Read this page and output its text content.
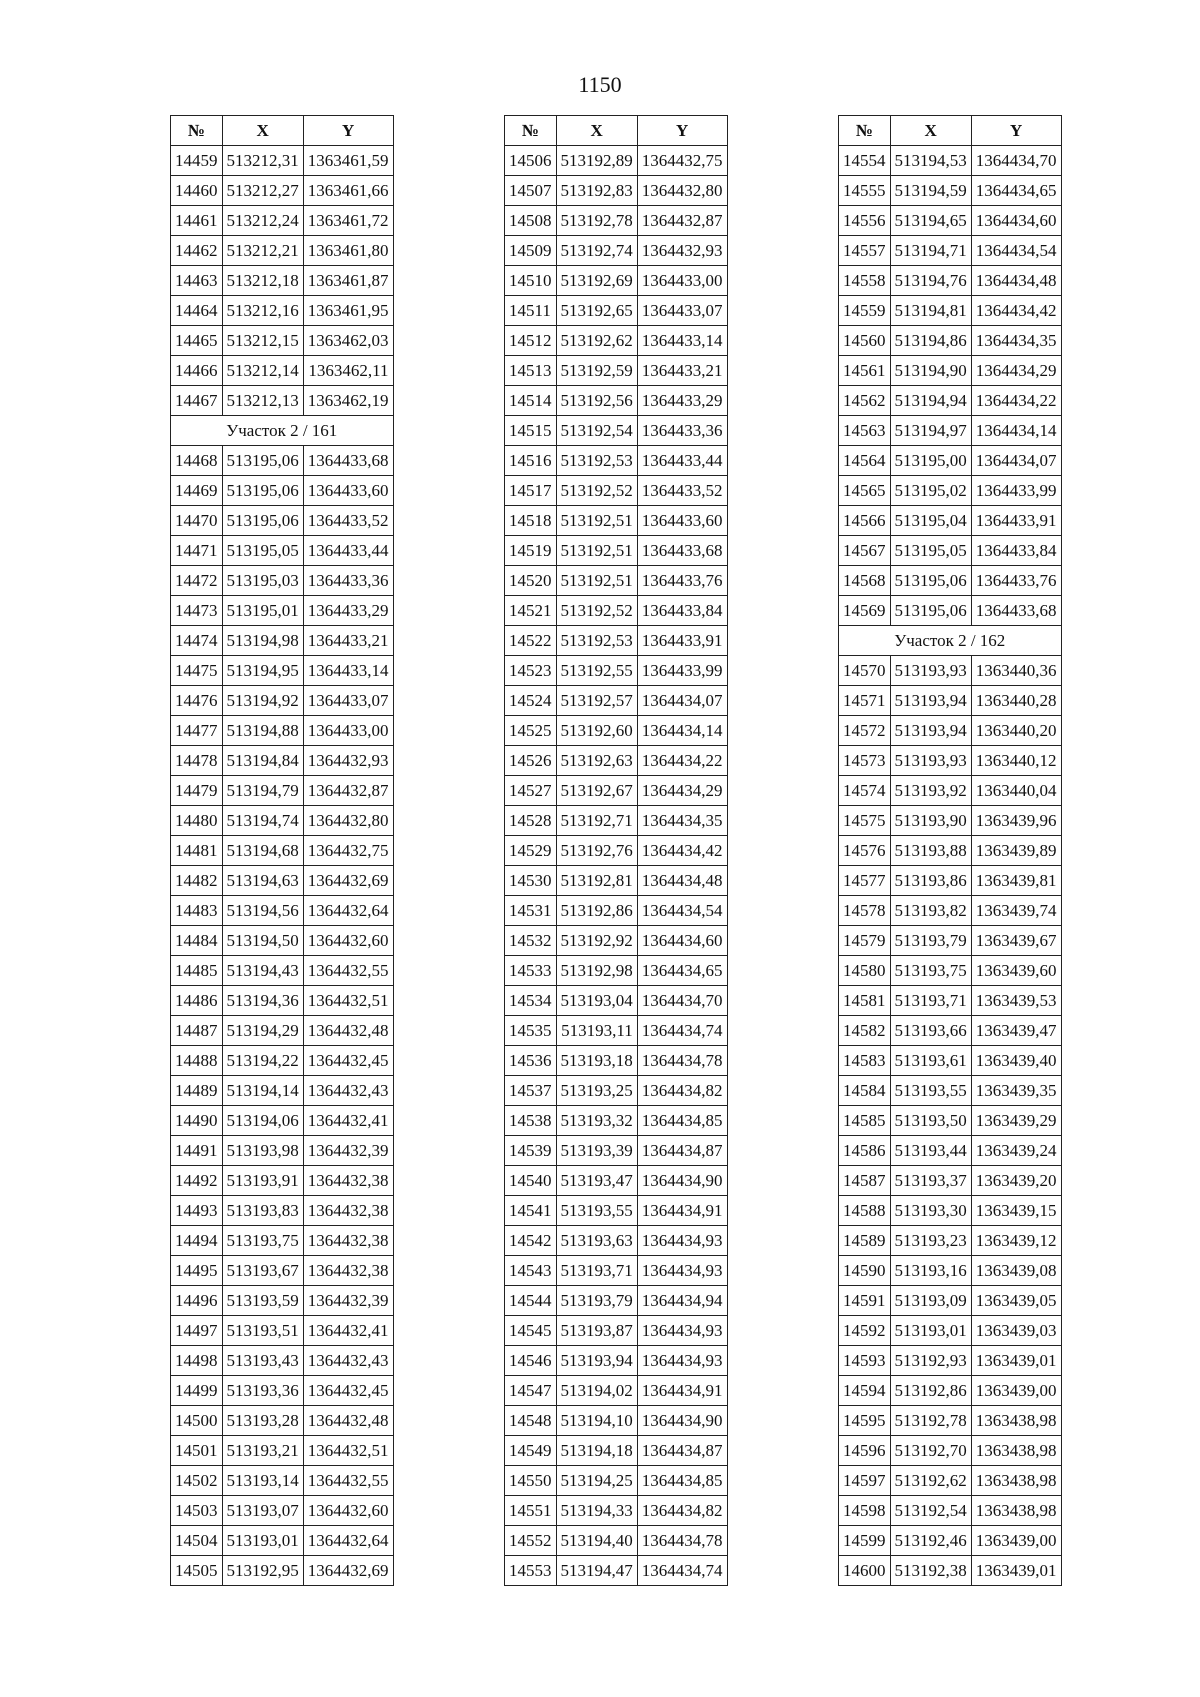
1150
№	X	Y
14459	513212,31	1363461,59
14460	513212,27	1363461,66
14461	513212,24	1363461,72
14462	513212,21	1363461,80
14463	513212,18	1363461,87
14464	513212,16	1363461,95
14465	513212,15	1363462,03
14466	513212,14	1363462,11
14467	513212,13	1363462,19
Участок 2 / 161		
14468	513195,06	1364433,68
14469	513195,06	1364433,60
14470	513195,06	1364433,52
14471	513195,05	1364433,44
14472	513195,03	1364433,36
14473	513195,01	1364433,29
14474	513194,98	1364433,21
14475	513194,95	1364433,14
14476	513194,92	1364433,07
14477	513194,88	1364433,00
14478	513194,84	1364432,93
14479	513194,79	1364432,87
14480	513194,74	1364432,80
14481	513194,68	1364432,75
14482	513194,63	1364432,69
14483	513194,56	1364432,64
14484	513194,50	1364432,60
14485	513194,43	1364432,55
14486	513194,36	1364432,51
14487	513194,29	1364432,48
14488	513194,22	1364432,45
14489	513194,14	1364432,43
14490	513194,06	1364432,41
14491	513193,98	1364432,39
14492	513193,91	1364432,38
14493	513193,83	1364432,38
14494	513193,75	1364432,38
14495	513193,67	1364432,38
14496	513193,59	1364432,39
14497	513193,51	1364432,41
14498	513193,43	1364432,43
14499	513193,36	1364432,45
14500	513193,28	1364432,48
14501	513193,21	1364432,51
14502	513193,14	1364432,55
14503	513193,07	1364432,60
14504	513193,01	1364432,64
14505	513192,95	1364432,69
№	X	Y
14506	513192,89	1364432,75
14507	513192,83	1364432,80
14508	513192,78	1364432,87
14509	513192,74	1364432,93
14510	513192,69	1364433,00
14511	513192,65	1364433,07
14512	513192,62	1364433,14
14513	513192,59	1364433,21
14514	513192,56	1364433,29
14515	513192,54	1364433,36
14516	513192,53	1364433,44
14517	513192,52	1364433,52
14518	513192,51	1364433,60
14519	513192,51	1364433,68
14520	513192,51	1364433,76
14521	513192,52	1364433,84
14522	513192,53	1364433,91
14523	513192,55	1364433,99
14524	513192,57	1364434,07
14525	513192,60	1364434,14
14526	513192,63	1364434,22
14527	513192,67	1364434,29
14528	513192,71	1364434,35
14529	513192,76	1364434,42
14530	513192,81	1364434,48
14531	513192,86	1364434,54
14532	513192,92	1364434,60
14533	513192,98	1364434,65
14534	513193,04	1364434,70
14535	513193,11	1364434,74
14536	513193,18	1364434,78
14537	513193,25	1364434,82
14538	513193,32	1364434,85
14539	513193,39	1364434,87
14540	513193,47	1364434,90
14541	513193,55	1364434,91
14542	513193,63	1364434,93
14543	513193,71	1364434,93
14544	513193,79	1364434,94
14545	513193,87	1364434,93
14546	513193,94	1364434,93
14547	513194,02	1364434,91
14548	513194,10	1364434,90
14549	513194,18	1364434,87
14550	513194,25	1364434,85
14551	513194,33	1364434,82
14552	513194,40	1364434,78
14553	513194,47	1364434,74
№	X	Y
14554	513194,53	1364434,70
14555	513194,59	1364434,65
14556	513194,65	1364434,60
14557	513194,71	1364434,54
14558	513194,76	1364434,48
14559	513194,81	1364434,42
14560	513194,86	1364434,35
14561	513194,90	1364434,29
14562	513194,94	1364434,22
14563	513194,97	1364434,14
14564	513195,00	1364434,07
14565	513195,02	1364433,99
14566	513195,04	1364433,91
14567	513195,05	1364433,84
14568	513195,06	1364433,76
14569	513195,06	1364433,68
Участок 2 / 162		
14570	513193,93	1363440,36
14571	513193,94	1363440,28
14572	513193,94	1363440,20
14573	513193,93	1363440,12
14574	513193,92	1363440,04
14575	513193,90	1363439,96
14576	513193,88	1363439,89
14577	513193,86	1363439,81
14578	513193,82	1363439,74
14579	513193,79	1363439,67
14580	513193,75	1363439,60
14581	513193,71	1363439,53
14582	513193,66	1363439,47
14583	513193,61	1363439,40
14584	513193,55	1363439,35
14585	513193,50	1363439,29
14586	513193,44	1363439,24
14587	513193,37	1363439,20
14588	513193,30	1363439,15
14589	513193,23	1363439,12
14590	513193,16	1363439,08
14591	513193,09	1363439,05
14592	513193,01	1363439,03
14593	513192,93	1363439,01
14594	513192,86	1363439,00
14595	513192,78	1363438,98
14596	513192,70	1363438,98
14597	513192,62	1363438,98
14598	513192,54	1363438,98
14599	513192,46	1363439,00
14600	513192,38	1363439,01
